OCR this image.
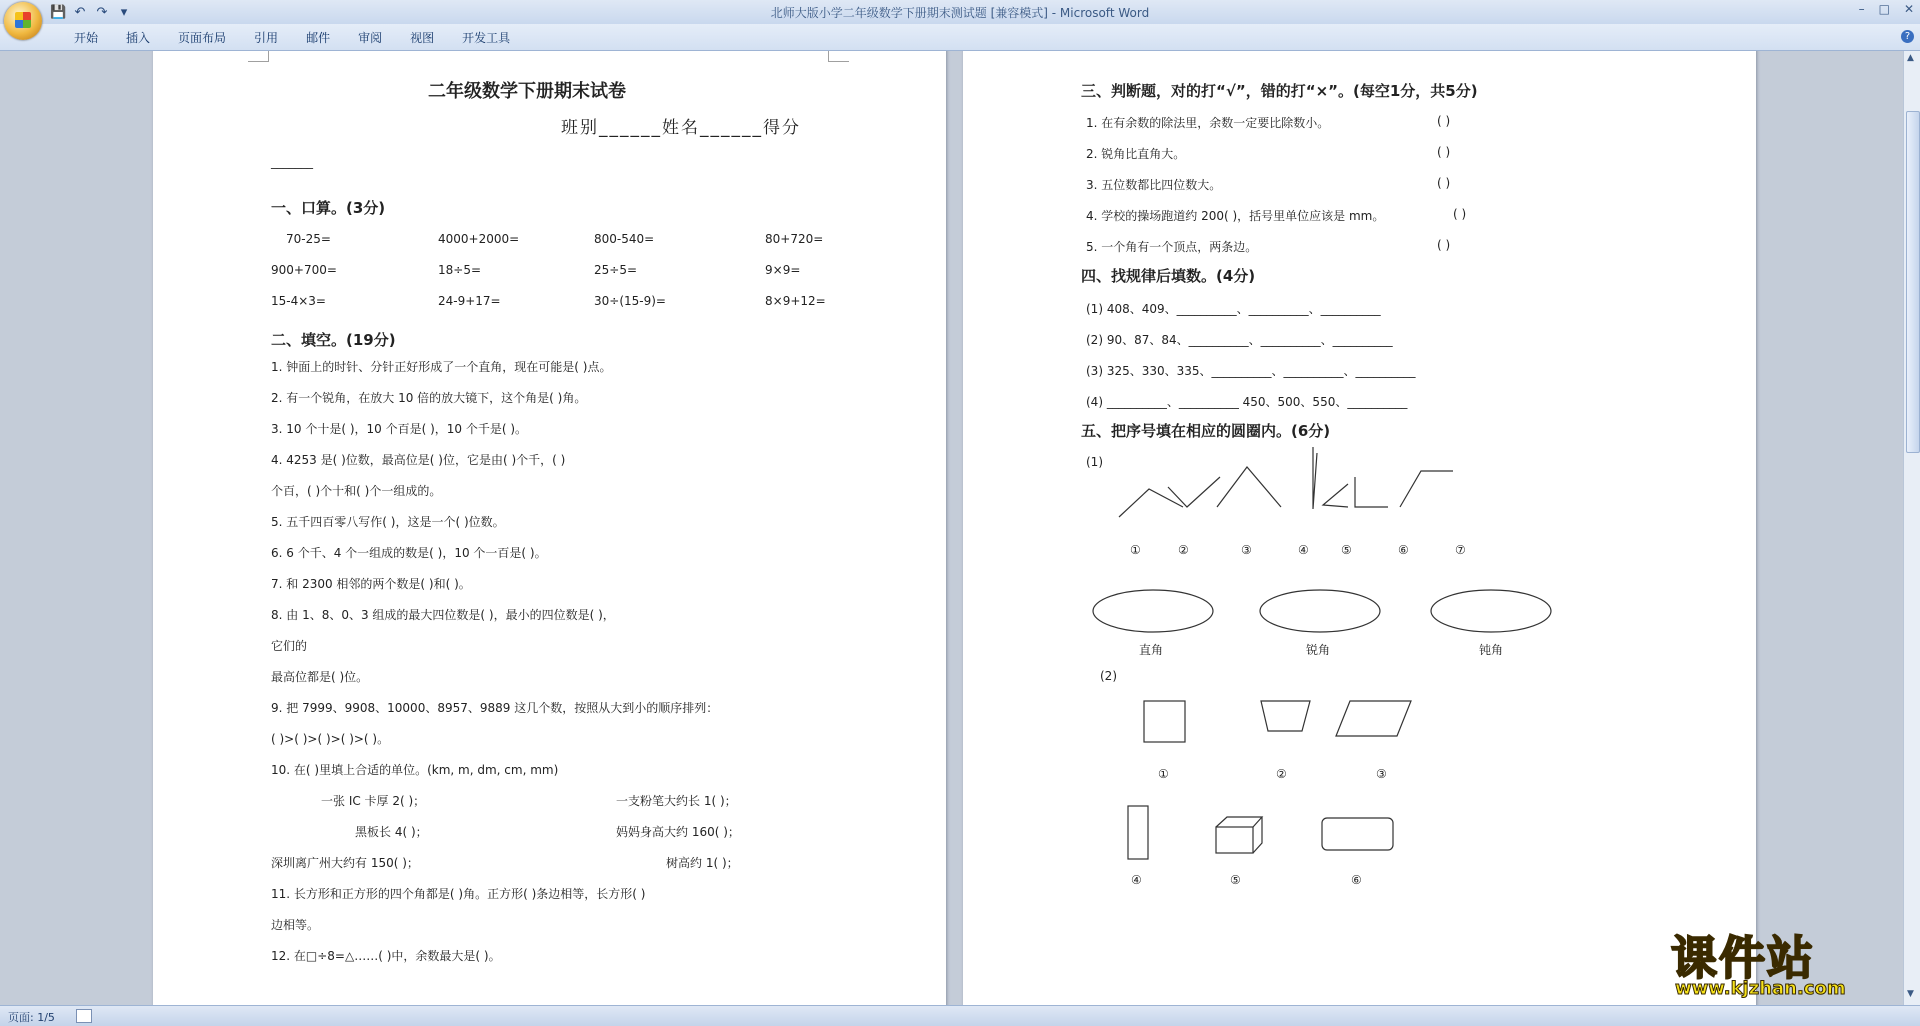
💾 ↶ ↷	▾	北师大版小学二年级数学下册期末测试题 [兼容模式] - Microsoft Word	– □ ✕
开始	插入	页面布局	引用	邮件	审阅	视图	开发工具	?
二年级数学下册期末试卷
班别______姓名______得分
_______
一、口算。(3分)
70-25=	4000+2000=	800-540=	80+720=
900+700=	18÷5=	25÷5=	9×9=
15-4×3=	24-9+17=	30÷(15-9)=	8×9+12=
二、填空。(19分)
1. 钟面上的时针、分针正好形成了一个直角，现在可能是( )点。
2. 有一个锐角，在放大 10 倍的放大镜下，这个角是( )角。
3. 10 个十是( )，10 个百是( )，10 个千是( )。
4. 4253 是( )位数，最高位是( )位，它是由( )个千，( )
个百，( )个十和( )个一组成的。
5. 五千四百零八写作( )，这是一个( )位数。
6. 6 个千、4 个一组成的数是( )，10 个一百是( )。
7. 和 2300 相邻的两个数是( )和( )。
8. 由 1、8、0、3 组成的最大四位数是( )，最小的四位数是( )，
它们的
最高位都是( )位。
9. 把 7999、9908、10000、8957、9889 这几个数，按照从大到小的顺序排列：
( )>( )>( )>( )>( )。
10. 在( )里填上合适的单位。(km, m, dm, cm, mm)
一张 IC 卡厚 2( )；	一支粉笔大约长 1( )；
黑板长 4( )；	妈妈身高大约 160( )；
深圳离广州大约有 150( )；	树高约 1( )；
11. 长方形和正方形的四个角都是( )角。正方形( )条边相等，长方形( )
边相等。
12. 在□÷8=△……( )中，余数最大是( )。
三、判断题，对的打“√”，错的打“×”。(每空1分，共5分)
1. 在有余数的除法里，余数一定要比除数小。	( )
2. 锐角比直角大。	( )
3. 五位数都比四位数大。	( )
4. 学校的操场跑道约 200( )，括号里单位应该是 mm。	( )
5. 一个角有一个顶点，两条边。	( )
四、找规律后填数。(4分)
(1) 408、409、__________、__________、__________
(2) 90、87、84、__________、__________、__________
(3) 325、330、335、__________、__________、__________
(4) __________、__________ 450、500、550、__________
五、把序号填在相应的圆圈内。(6分)
(1)
①	②	③	④	⑤	⑥	⑦
直角	锐角	钝角
(2)
①	②	③
④	⑤	⑥
▲
▼
页面: 1/5
课件站
www.kjzhan.com
